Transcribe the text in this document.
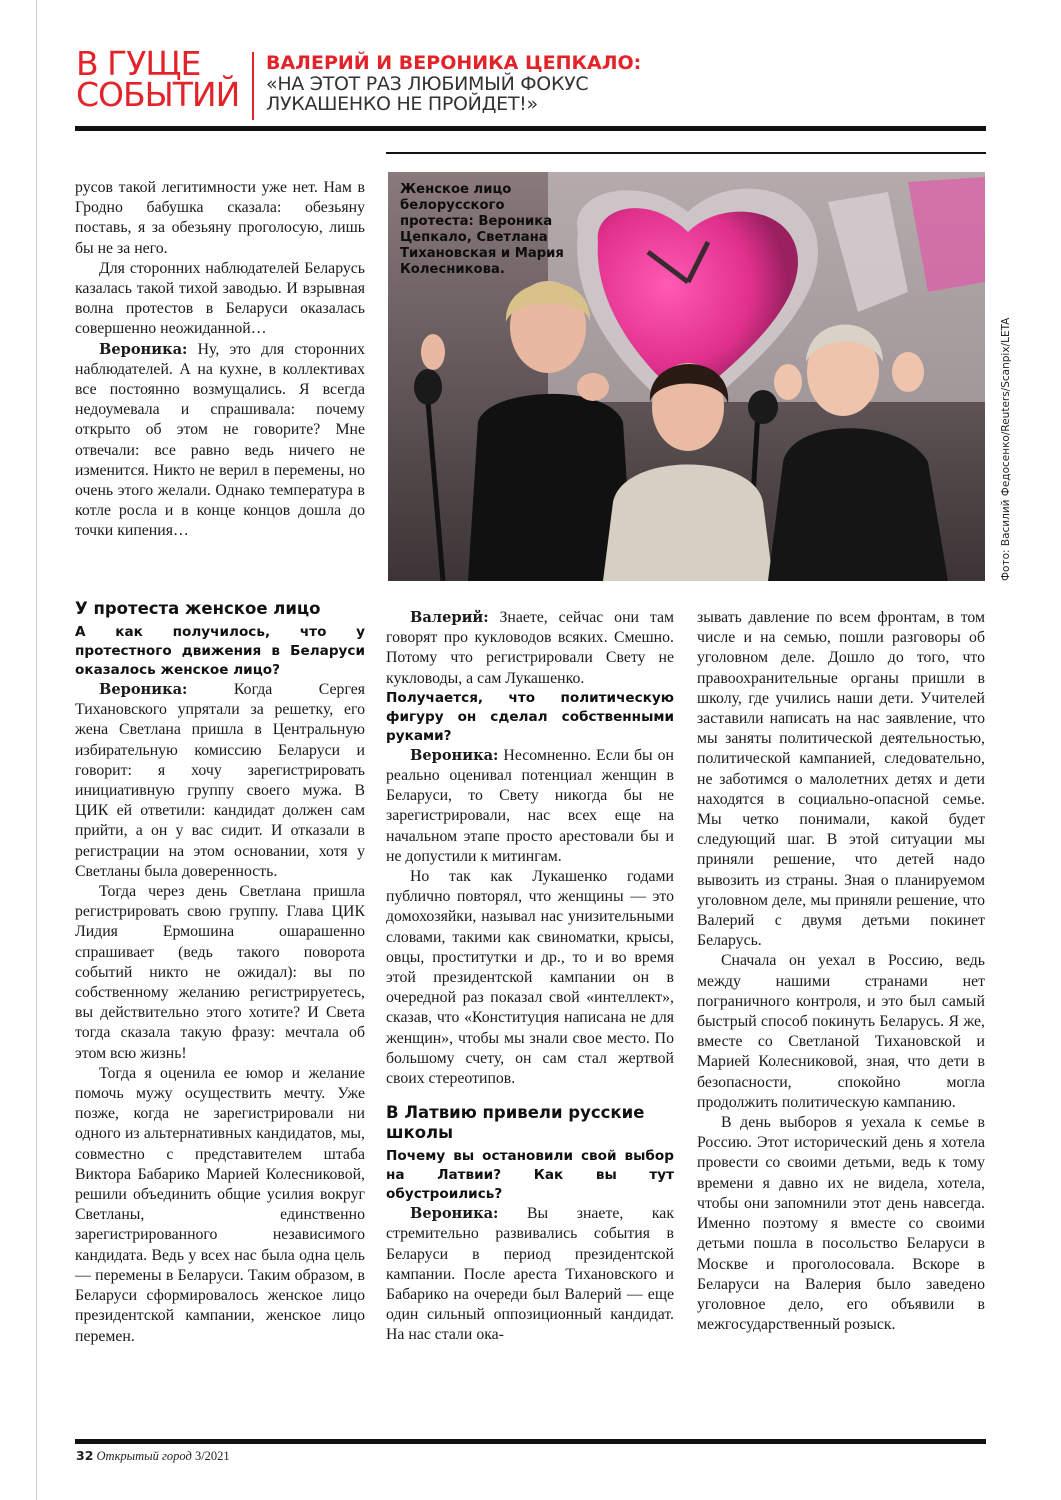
В ГУЩЕ
СОБЫТИЙ
ВАЛЕРИЙ И ВЕРОНИКА ЦЕПКАЛО:
«НА ЭТОТ РАЗ ЛЮБИМЫЙ ФОКУС
ЛУКАШЕНКО НЕ ПРОЙДЕТ!»

русов такой легитимности уже нет. Нам в Гродно бабушка сказала: обезьяну поставь, я за обезьяну проголосую, лишь бы не за него.

Для сторонних наблюдателей Беларусь казалась такой тихой заводью. И взрывная волна протестов в Беларуси оказалась совершенно неожиданной…

Вероника: Ну, это для сторонних наблюдателей. А на кухне, в коллективах все постоянно возмущались. Я всегда недоумевала и спрашивала: почему открыто об этом не говорите? Мне отвечали: все равно ведь ничего не изменится. Никто не верил в перемены, но очень этого желали. Однако температура в котле росла и в конце концов дошла до точки кипения…

Женское лицо белорусского протеста: Вероника Цепкало, Светлана Тихановская и Мария Колесникова.
Фото: Василий Федосенко/Reuters/Scanpix/LETA
У протеста женское лицо

А как получилось, что у протестного движения в Беларуси оказалось женское лицо?

Вероника: Когда Сергея Тихановского упрятали за решетку, его жена Светлана пришла в Центральную избирательную комиссию Беларуси и говорит: я хочу зарегистрировать инициативную группу своего мужа. В ЦИК ей ответили: кандидат должен сам прийти, а он у вас сидит. И отказали в регистрации на этом основании, хотя у Светланы была доверенность.

Тогда через день Светлана пришла регистрировать свою группу. Глава ЦИК Лидия Ермошина ошарашенно спрашивает (ведь такого поворота событий никто не ожидал): вы по собственному желанию регистрируетесь, вы действительно этого хотите? И Света тогда сказала такую фразу: мечтала об этом всю жизнь!

Тогда я оценила ее юмор и желание помочь мужу осуществить мечту. Уже позже, когда не зарегистрировали ни одного из альтернативных кандидатов, мы, совместно с представителем штаба Виктора Бабарико Марией Колесниковой, решили объединить общие усилия вокруг Светланы, единственно зарегистрированного независимого кандидата. Ведь у всех нас была одна цель — перемены в Беларуси. Таким образом, в Беларуси сформировалось женское лицо президентской кампании, женское лицо перемен.

Валерий: Знаете, сейчас они там говорят про кукловодов всяких. Смешно. Потому что регистрировали Свету не кукловоды, а сам Лукашенко.

Получается, что политическую фигуру он сделал собственными руками?

Вероника: Несомненно. Если бы он реально оценивал потенциал женщин в Беларуси, то Свету никогда бы не зарегистрировали, нас всех еще на начальном этапе просто арестовали бы и не допустили к митингам.

Но так как Лукашенко годами публично повторял, что женщины — это домохозяйки, называл нас унизительными словами, такими как свиноматки, крысы, овцы, проститутки и др., то и во время этой президентской кампании он в очередной раз показал свой «интеллект», сказав, что «Конституция написана не для женщин», чтобы мы знали свое место. По большому счету, он сам стал жертвой своих стереотипов.

В Латвию привели русские школы

Почему вы остановили свой выбор на Латвии? Как вы тут обустроились?

Вероника: Вы знаете, как стремительно развивались события в Беларуси в период президентской кампании. После ареста Тихановского и Бабарико на очереди был Валерий — еще один сильный оппозиционный кандидат. На нас стали ока-

зывать давление по всем фронтам, в том числе и на семью, пошли разговоры об уголовном деле. Дошло до того, что правоохранительные органы пришли в школу, где учились наши дети. Учителей заставили написать на нас заявление, что мы заняты политической деятельностью, политической кампанией, следовательно, не заботимся о малолетних детях и дети находятся в социально-опасной семье. Мы четко понимали, какой будет следующий шаг. В этой ситуации мы приняли решение, что детей надо вывозить из страны. Зная о планируемом уголовном деле, мы приняли решение, что Валерий с двумя детьми покинет Беларусь.

Сначала он уехал в Россию, ведь между нашими странами нет пограничного контроля, и это был самый быстрый способ покинуть Беларусь. Я же, вместе со Светланой Тихановской и Марией Колесниковой, зная, что дети в безопасности, спокойно могла продолжить политическую кампанию.

В день выборов я уехала к семье в Россию. Этот исторический день я хотела провести со своими детьми, ведь к тому времени я давно их не видела, хотела, чтобы они запомнили этот день навсегда. Именно поэтому я вместе со своими детьми пошла в посольство Беларуси в Москве и проголосовала. Вскоре в Беларуси на Валерия было заведено уголовное дело, его объявили в межгосударственный розыск.

32 Открытый город 3/2021
